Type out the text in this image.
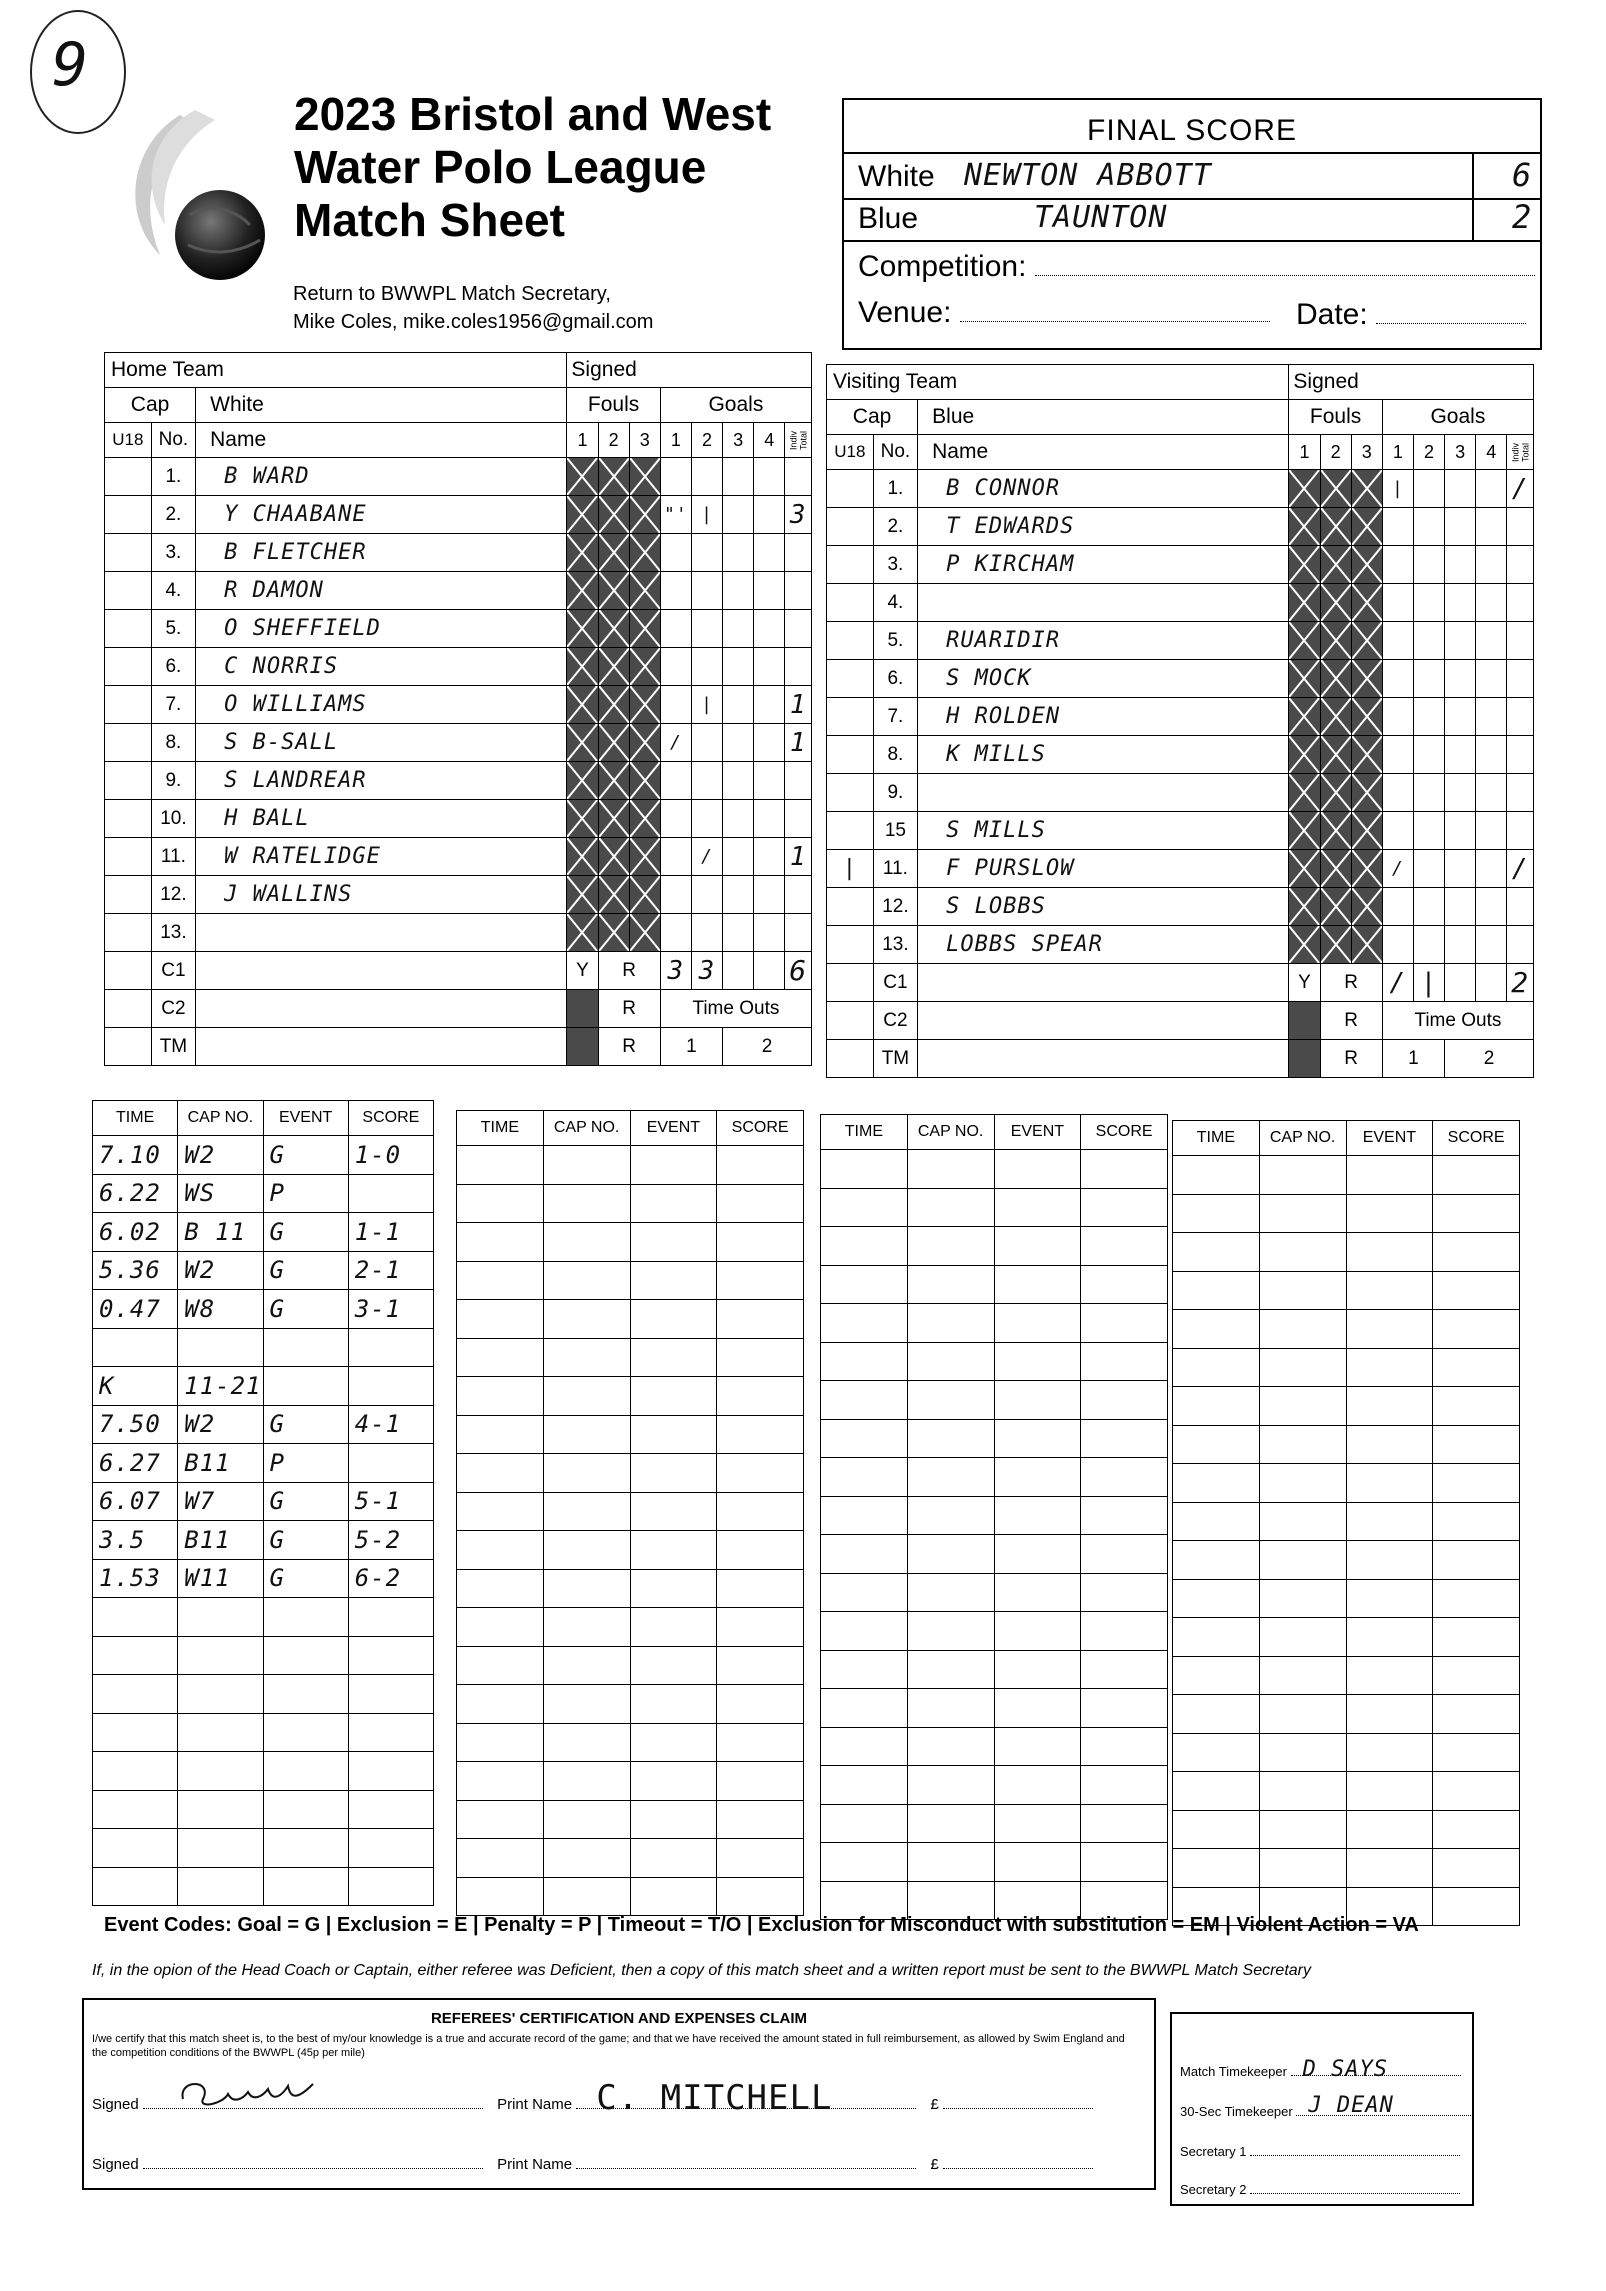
9
2023 Bristol and West
Water Polo League
Match Sheet
Return to BWWPL Match Secretary,
Mike Coles, mike.coles1956@gmail.com
FINAL SCORE
White NEWTON ABBOTT	6
Blue	TAUNTON	2
Competition:
Venue:	Date:
Home Team			Signed							
Cap		White	Fouls			Goals				
U18	No.	Name	1	2	3	1	2	3	4	Indiv Total
	1.	B WARD	

	2.	Y CHAABANE				"'	|			3
	3.	B FLETCHER	

	4.	R DAMON	

	5.	O SHEFFIELD	

	6.	C NORRIS	

	7.	O WILLIAMS					|			1
	8.	S B-SALL				/				1
	9.	S LANDREAR	

	10.	H BALL	

	11.	W RATELIDGE					/			1
	12.	J WALLINS	

	13.		

	C1		Y	R		3	3			6
	C2			R		Time Outs				
	TM			R		1		2		
Visiting Team			Signed							
Cap		Blue	Fouls			Goals				
U18	No.	Name	1	2	3	1	2	3	4	Indiv Total
	1.	B CONNOR				|				/
	2.	T EDWARDS	

	3.	P KIRCHAM	

	4.		

	5.	RUARIDIR	

	6.	S MOCK	

	7.	H ROLDEN	

	8.	K MILLS	

	9.		

	15	S MILLS	

|	11.	F PURSLOW				/				/
	12.	S LOBBS	

	13.	LOBBS SPEAR	

	C1		Y	R		/	|			2
	C2			R		Time Outs				
	TM			R		1		2		
TIME	CAP NO.	EVENT	SCORE
7.10	W2	G	1-0
6.22	WS	P	
6.02	B 11	G	1-1
5.36	W2	G	2-1
0.47	W8	G	3-1

K	11-21		
7.50	W2	G	4-1
6.27	B11	P	
6.07	W7	G	5-1
3.5	B11	G	5-2
1.53	W11	G	6-2

TIME	CAP NO.	EVENT	SCORE

				TIME	CAP NO.	EVENT	SCORE

				TIME	CAP NO.	EVENT	SCORE

Event Codes: Goal = G | Exclusion = E | Penalty = P | Timeout = T/O | Exclusion for Misconduct with substitution = EM | Violent Action = VA
If, in the opion of the Head Coach or Captain, either referee was Deficient, then a copy of this match sheet and a written report must be sent to the BWWPL Match Secretary
REFEREES' CERTIFICATION AND EXPENSES CLAIM
I/we certify that this match sheet is, to the best of my/our knowledge is a true and accurate record of the game; and that we have received the amount stated in full reimbursement, as allowed by Swim England and the competition conditions of the BWWPL (45p per mile)
Signed	Print Name C. MITCHELL	£
Signed	Print Name	£
Match Timekeeper D SAYS
30-Sec Timekeeper J DEAN
Secretary 1
Secretary 2
